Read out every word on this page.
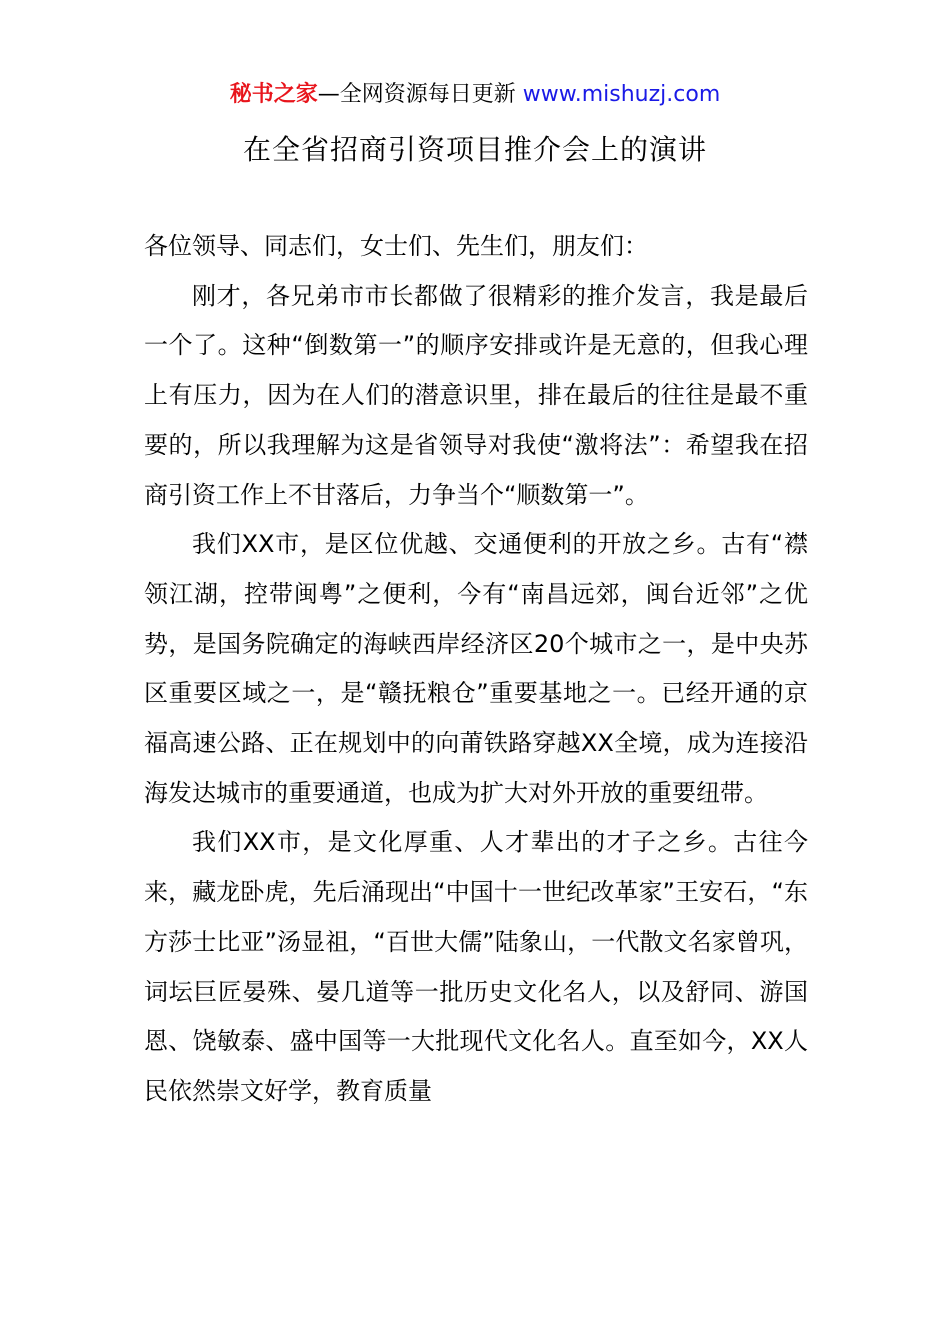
秘书之家—全网资源每日更新 www.mishuzj.com
在全省招商引资项目推介会上的演讲

各位领导、同志们，女士们、先生们，朋友们：

刚才，各兄弟市市长都做了很精彩的推介发言，我是最后一个了。这种“倒数第一”的顺序安排或许是无意的，但我心理上有压力，因为在人们的潜意识里，排在最后的往往是最不重要的，所以我理解为这是省领导对我使“激将法”：希望我在招商引资工作上不甘落后，力争当个“顺数第一”。

我们XX市，是区位优越、交通便利的开放之乡。古有“襟领江湖，控带闽粤”之便利，今有“南昌远郊，闽台近邻”之优势，是国务院确定的海峡西岸经济区20个城市之一，是中央苏区重要区域之一，是“赣抚粮仓”重要基地之一。已经开通的京福高速公路、正在规划中的向莆铁路穿越XX全境，成为连接沿海发达城市的重要通道，也成为扩大对外开放的重要纽带。

我们XX市，是文化厚重、人才辈出的才子之乡。古往今来，藏龙卧虎，先后涌现出“中国十一世纪改革家”王安石，“东方莎士比亚”汤显祖，“百世大儒”陆象山，一代散文名家曾巩，词坛巨匠晏殊、晏几道等一批历史文化名人，以及舒同、游国恩、饶敏泰、盛中国等一大批现代文化名人。直至如今，XX人民依然崇文好学，教育质量
